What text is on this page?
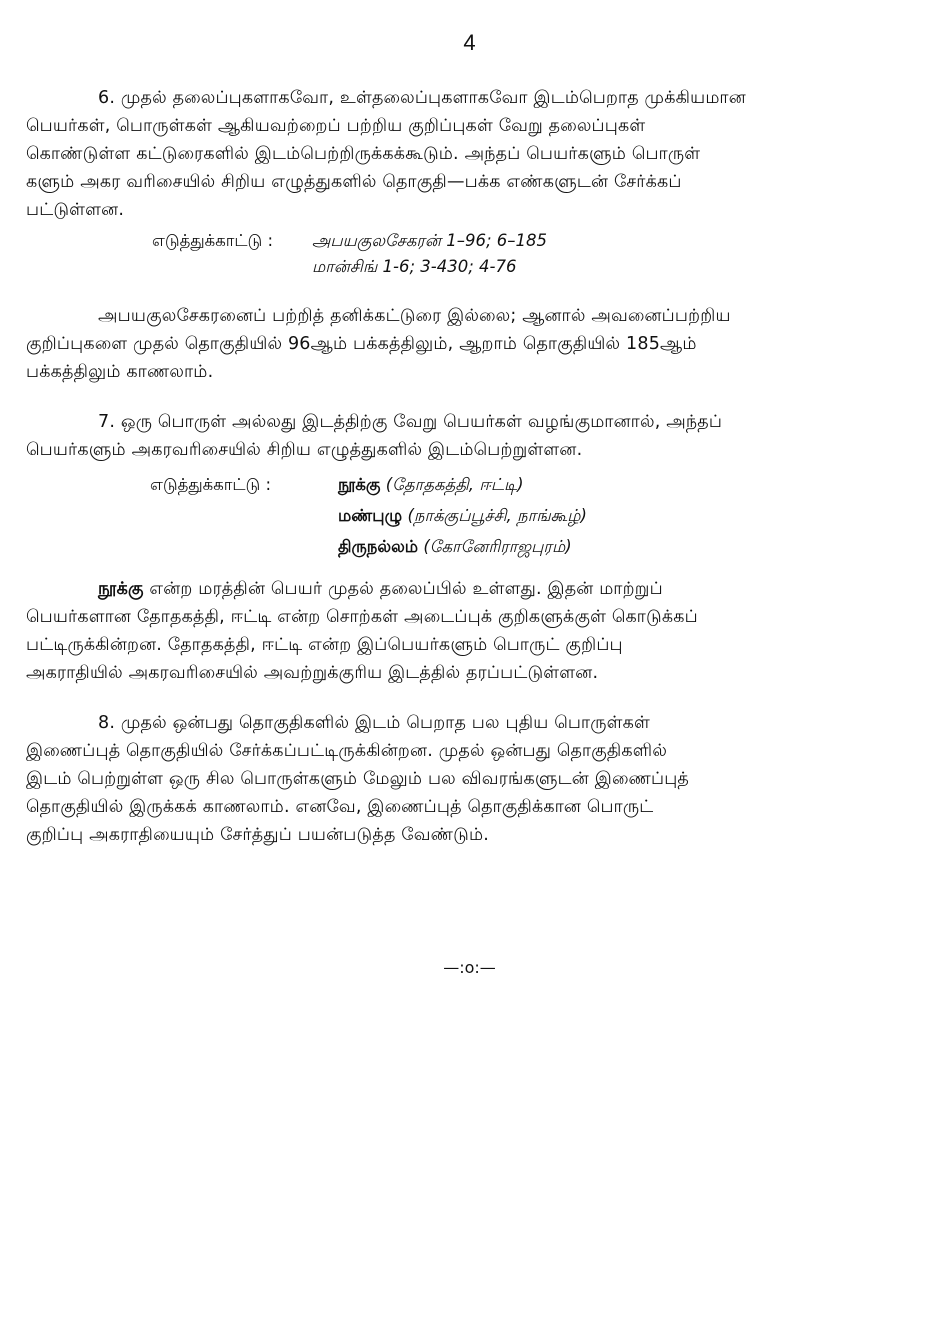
4

6. முதல் தலைப்புகளாகவோ, உள்தலைப்புகளாகவோ இடம்பெறாத முக்கியமான
பெயர்கள், பொருள்கள் ஆகியவற்றைப் பற்றிய குறிப்புகள் வேறு தலைப்புகள்
கொண்டுள்ள கட்டுரைகளில் இடம்பெற்றிருக்கக்கூடும். அந்தப் பெயர்களும் பொருள்
களும் அகர வரிசையில் சிறிய எழுத்துகளில் தொகுதி—பக்க எண்களுடன் சேர்க்கப்
பட்டுள்ளன.

எடுத்துக்காட்டு : அபயகுலசேகரன் 1–96; 6–185
மான்சிங் 1-6; 3-430; 4-76

அபயகுலசேகரனைப் பற்றித் தனிக்கட்டுரை இல்லை; ஆனால் அவனைப்பற்றிய
குறிப்புகளை முதல் தொகுதியில் 96ஆம் பக்கத்திலும், ஆறாம் தொகுதியில் 185ஆம்
பக்கத்திலும் காணலாம்.

7. ஒரு பொருள் அல்லது இடத்திற்கு வேறு பெயர்கள் வழங்குமானால், அந்தப்
பெயர்களும் அகரவரிசையில் சிறிய எழுத்துகளில் இடம்பெற்றுள்ளன.

எடுத்துக்காட்டு :	நூக்கு (தோதகத்தி, ஈட்டி)
மண்புழு (நாக்குப்பூச்சி, நாங்கூழ்)
திருநல்லம் (கோனேரிராஜபுரம்)

நூக்கு என்ற மரத்தின் பெயர் முதல் தலைப்பில் உள்ளது. இதன் மாற்றுப்
பெயர்களான தோதகத்தி, ஈட்டி என்ற சொற்கள் அடைப்புக் குறிகளுக்குள் கொடுக்கப்
பட்டிருக்கின்றன. தோதகத்தி, ஈட்டி என்ற இப்பெயர்களும் பொருட் குறிப்பு
அகராதியில் அகரவரிசையில் அவற்றுக்குரிய இடத்தில் தரப்பட்டுள்ளன.

8. முதல் ஒன்பது தொகுதிகளில் இடம் பெறாத பல புதிய பொருள்கள்
இணைப்புத் தொகுதியில் சேர்க்கப்பட்டிருக்கின்றன. முதல் ஒன்பது தொகுதிகளில்
இடம் பெற்றுள்ள ஒரு சில பொருள்களும் மேலும் பல விவரங்களுடன் இணைப்புத்
தொகுதியில் இருக்கக் காணலாம். எனவே, இணைப்புத் தொகுதிக்கான பொருட்
குறிப்பு அகராதியையும் சேர்த்துப் பயன்படுத்த வேண்டும்.

—:o:—
